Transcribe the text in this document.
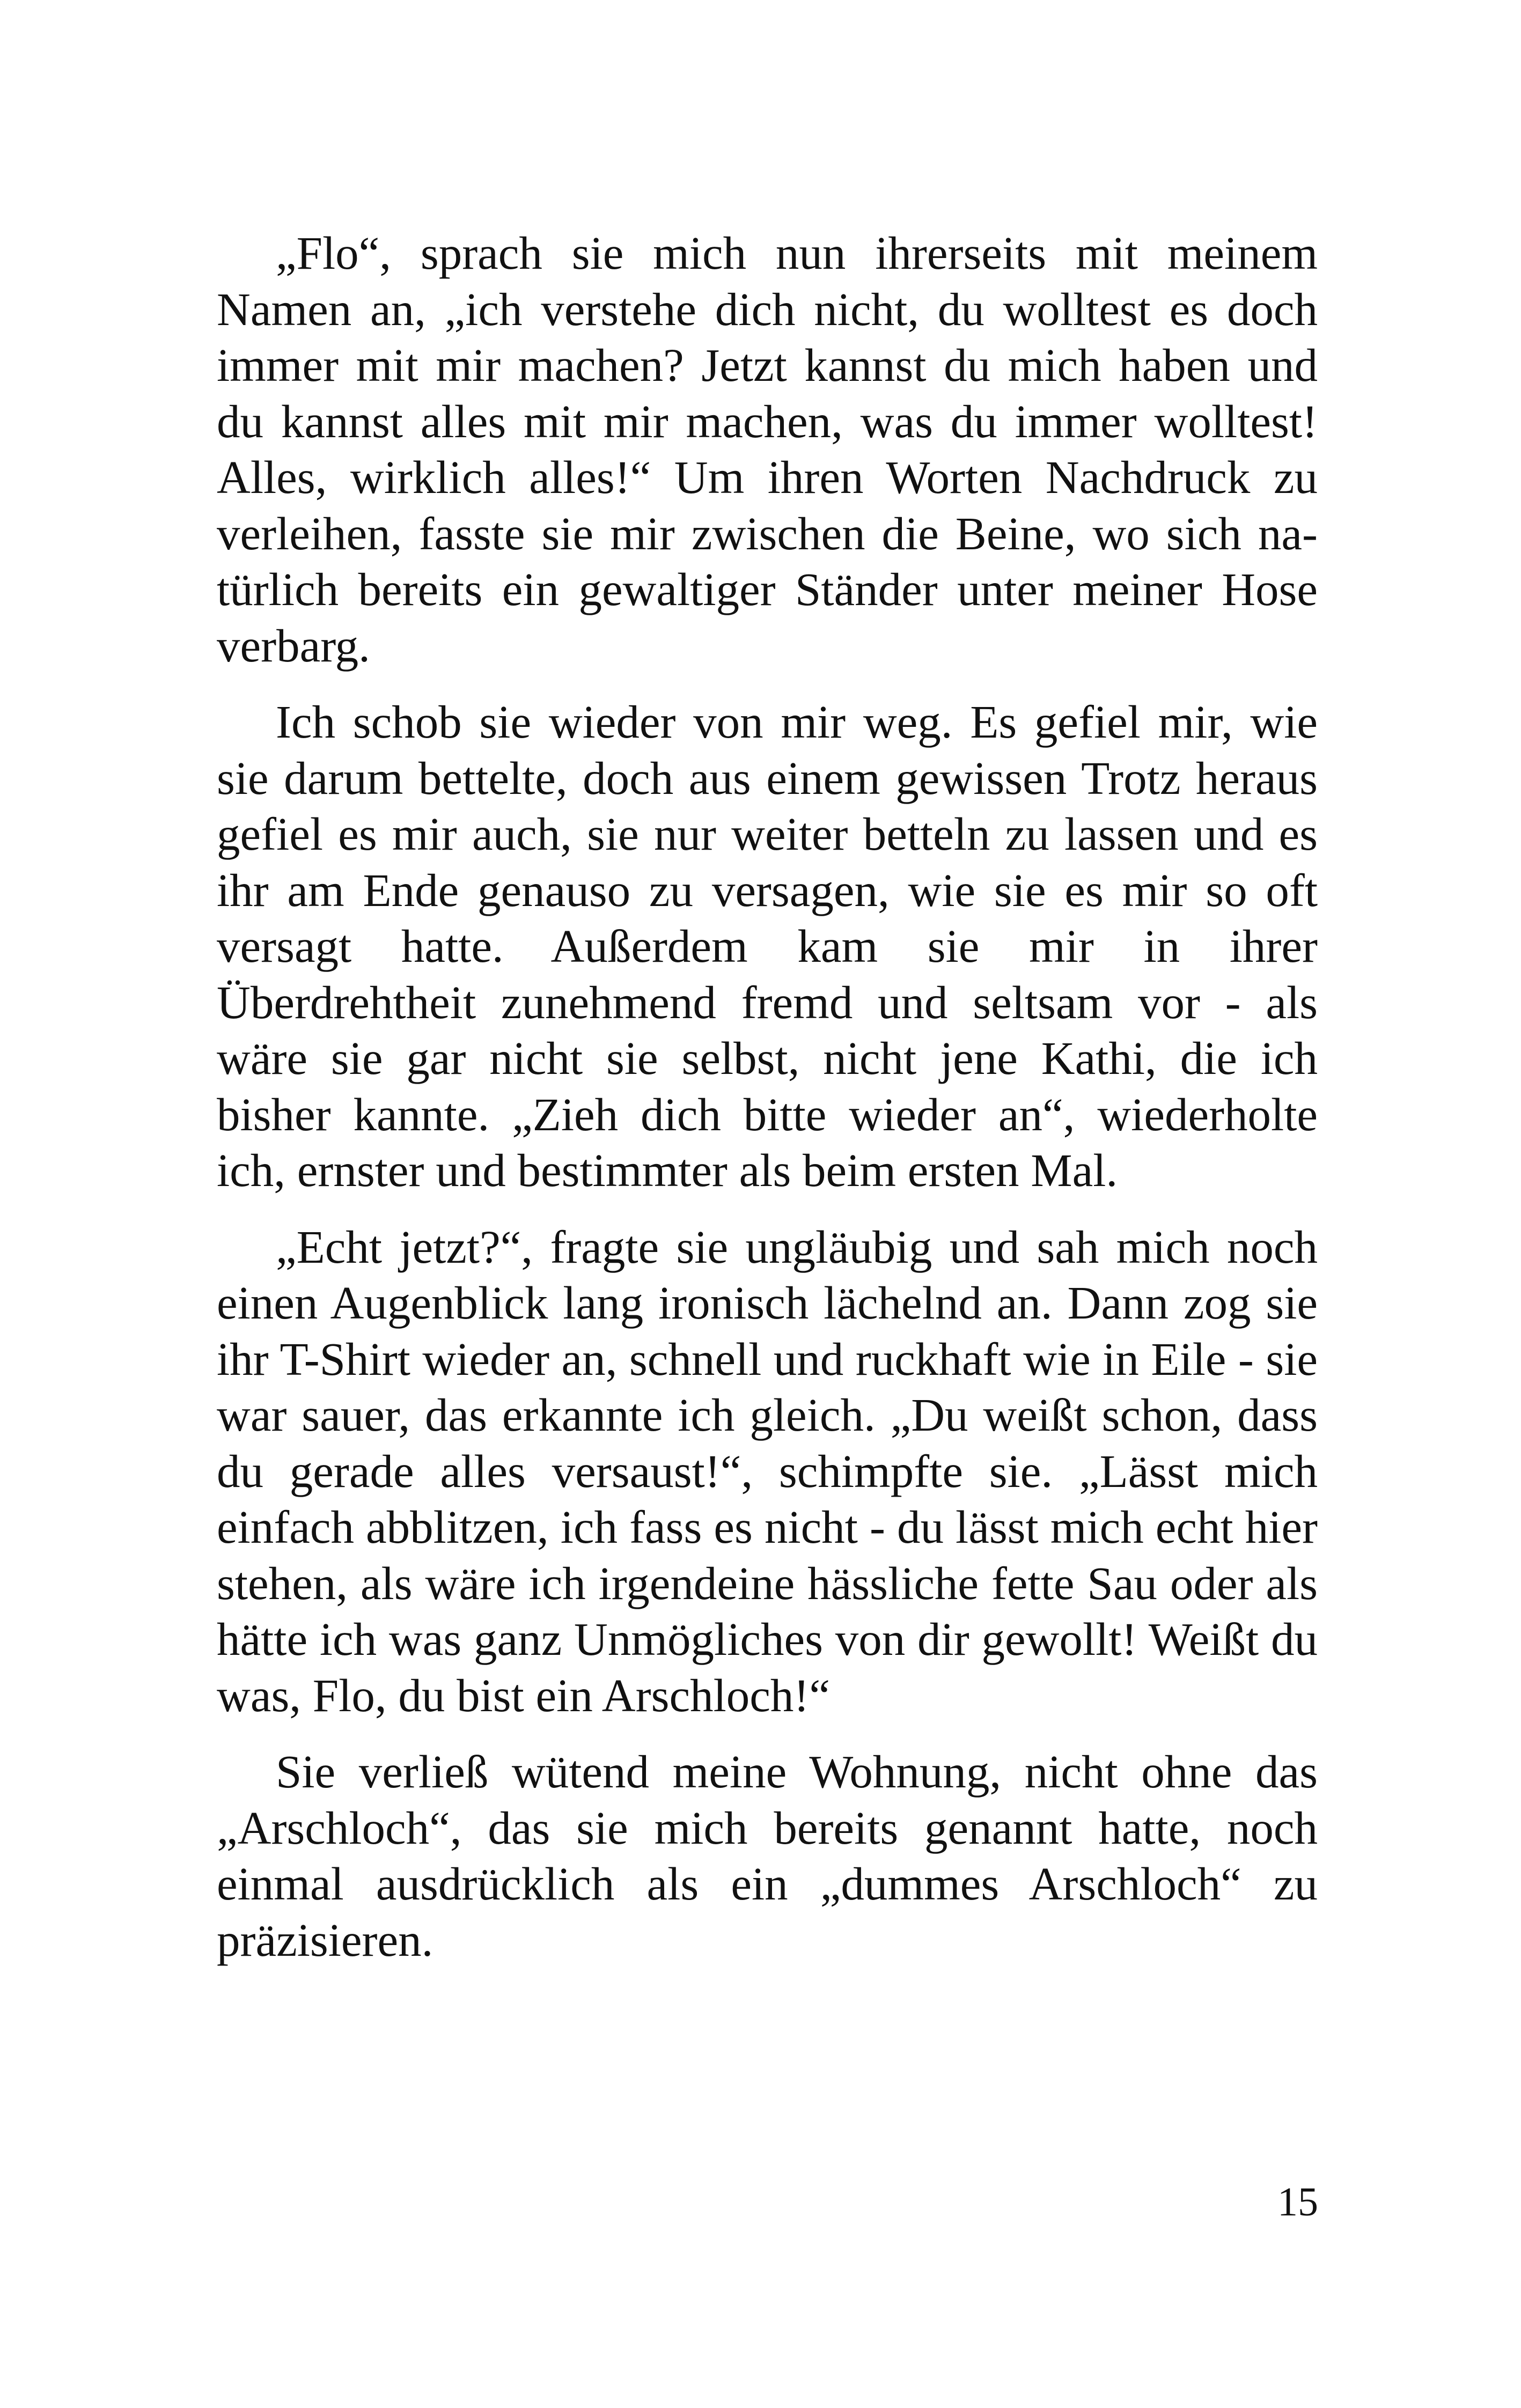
„Flo“, sprach sie mich nun ihrerseits mit meinem Namen an, „ich verstehe dich nicht, du wolltest es doch immer mit mir machen? Jetzt kannst du mich haben und du kannst alles mit mir machen, was du immer wolltest! Alles, wirklich alles!“ Um ihren Worten Nachdruck zu verleihen, fasste sie mir zwischen die Beine, wo sich natürlich bereits ein gewaltiger Ständer unter meiner Hose verbarg.

Ich schob sie wieder von mir weg. Es gefiel mir, wie sie darum bettelte, doch aus einem gewissen Trotz heraus gefiel es mir auch, sie nur weiter betteln zu lassen und es ihr am Ende genauso zu versagen, wie sie es mir so oft versagt hatte. Außerdem kam sie mir in ihrer Überdrehtheit zunehmend fremd und seltsam vor - als wäre sie gar nicht sie selbst, nicht jene Kathi, die ich bisher kannte. „Zieh dich bitte wieder an“, wiederholte ich, ernster und bestimmter als beim ersten Mal.

„Echt jetzt?“, fragte sie ungläubig und sah mich noch einen Augenblick lang ironisch lächelnd an. Dann zog sie ihr T-Shirt wieder an, schnell und ruckhaft wie in Eile - sie war sauer, das erkannte ich gleich. „Du weißt schon, dass du gerade alles versaust!“, schimpfte sie. „Lässt mich einfach abblitzen, ich fass es nicht - du lässt mich echt hier stehen, als wäre ich irgendeine hässliche fette Sau oder als hätte ich was ganz Unmögliches von dir gewollt! Weißt du was, Flo, du bist ein Arschloch!“

Sie verließ wütend meine Wohnung, nicht ohne das „Arschloch“, das sie mich bereits genannt hatte, noch einmal ausdrücklich als ein „dummes Arschloch“ zu präzisieren.

15
